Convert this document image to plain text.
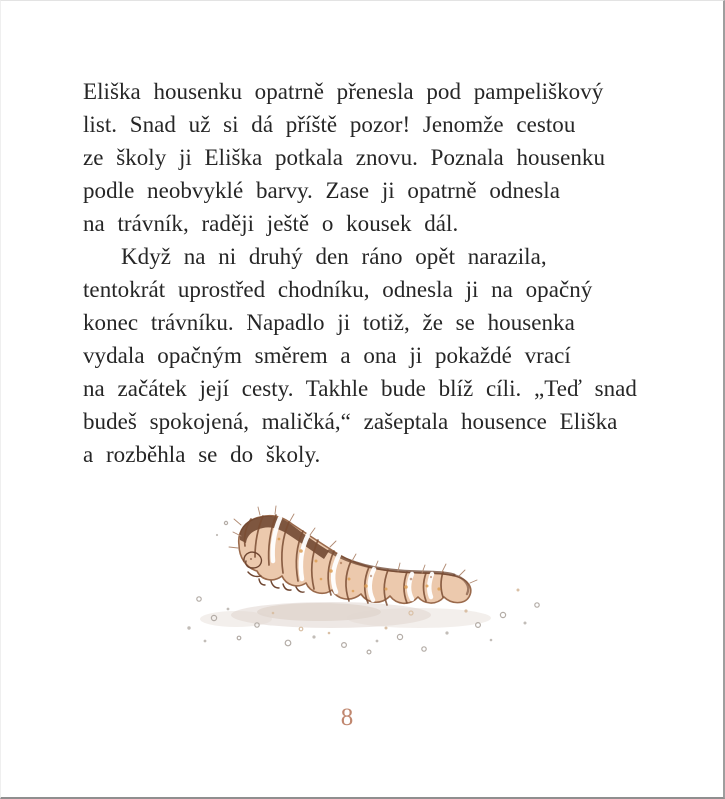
Eliška housenku opatrně přenesla pod pampeliškový
list. Snad už si dá příště pozor! Jenomže cestou
ze školy ji Eliška potkala znovu. Poznala housenku
podle neobvyklé barvy. Zase ji opatrně odnesla
na trávník, raději ještě o kousek dál.
Když na ni druhý den ráno opět narazila,
tentokrát uprostřed chodníku, odnesla ji na opačný
konec trávníku. Napadlo ji totiž, že se housenka
vydala opačným směrem a ona ji pokaždé vrací
na začátek její cesty. Takhle bude blíž cíli. „Teď snad
budeš spokojená, maličká,“ zašeptala housence Eliška
a rozběhla se do školy.
8
